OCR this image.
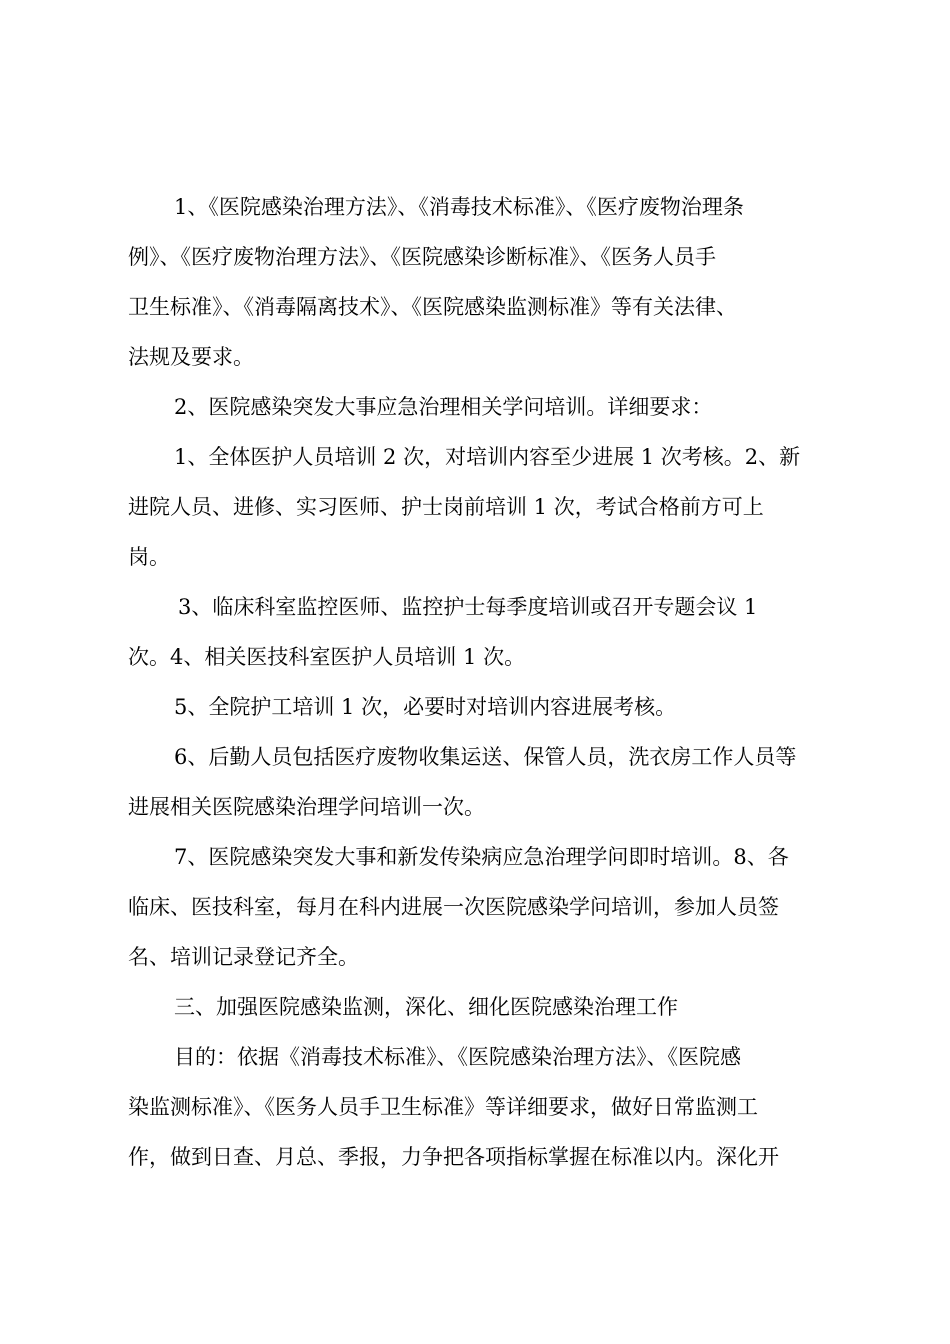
1、《医院感染治理方法》、《消毒技术标准》、《医疗废物治理条
例》、《医疗废物治理方法》、《医院感染诊断标准》、《医务人员手
卫生标准》、《消毒隔离技术》、《医院感染监测标准》等有关法律、
法规及要求。
2、医院感染突发大事应急治理相关学问培训。详细要求：
1、全体医护人员培训 2 次，对培训内容至少进展 1 次考核。2、新
进院人员、进修、实习医师、护士岗前培训 1 次，考试合格前方可上
岗。
3、临床科室监控医师、监控护士每季度培训或召开专题会议 1
次。4、相关医技科室医护人员培训 1 次。
5、全院护工培训 1 次，必要时对培训内容进展考核。
6、后勤人员包括医疗废物收集运送、保管人员，洗衣房工作人员等
进展相关医院感染治理学问培训一次。
7、医院感染突发大事和新发传染病应急治理学问即时培训。8、各
临床、医技科室，每月在科内进展一次医院感染学问培训，参加人员签
名、培训记录登记齐全。
三、加强医院感染监测，深化、细化医院感染治理工作
目的：依据《消毒技术标准》、《医院感染治理方法》、《医院感
染监测标准》、《医务人员手卫生标准》等详细要求，做好日常监测工
作，做到日查、月总、季报，力争把各项指标掌握在标准以内。深化开
